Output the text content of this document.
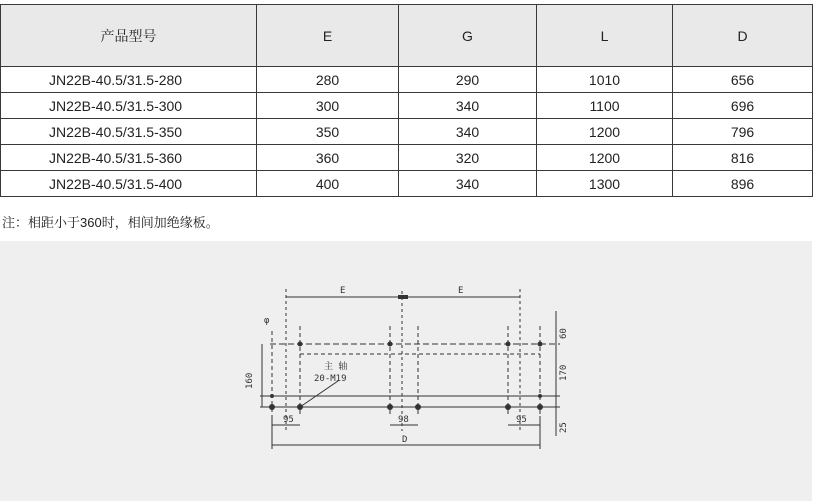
产品型号	E	G	L	D
JN22B-40.5/31.5-280	280	290	1010	656
JN22B-40.5/31.5-300	300	340	1100	696
JN22B-40.5/31.5-350	350	340	1200	796
JN22B-40.5/31.5-360	360	320	1200	816
JN22B-40.5/31.5-400	400	340	1300	896
注：相距小于360时，相间加绝缘板。
E	E
φ
主 轴
20-M19
160
60
170
25
95	98	95
D
